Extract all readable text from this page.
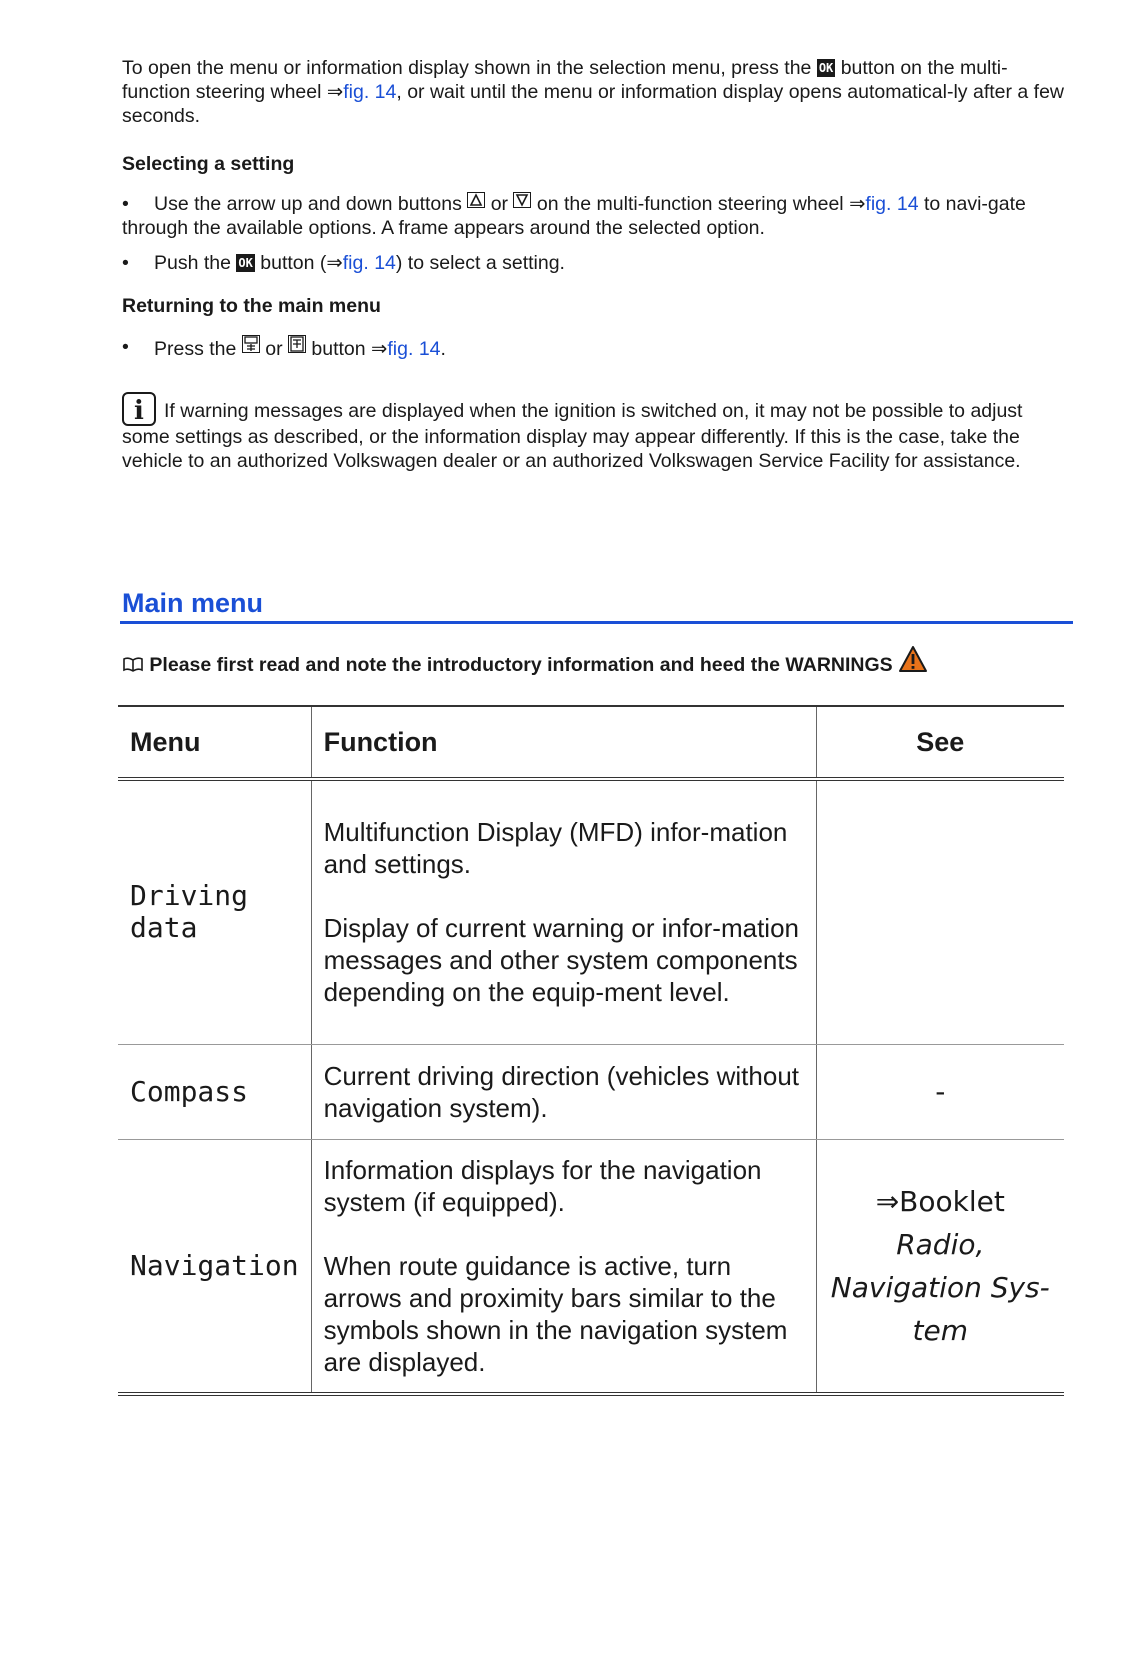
To open the menu or information display shown in the selection menu, press the OK button on the multi-function steering wheel ⇒fig. 14, or wait until the menu or information display opens automatical-ly after a few seconds.

Selecting a setting

•	Use the arrow up and down buttons or on the multi-function steering wheel ⇒fig. 14 to navi-gate through the available options. A frame appears around the selected option.
•	Push the OK button (⇒fig. 14) to select a setting.

Returning to the main menu

•	Press the or button ⇒fig. 14.

i If warning messages are displayed when the ignition is switched on, it may not be possible to adjust some settings as described, or the information display may appear differently. If this is the case, take the vehicle to an authorized Volkswagen dealer or an authorized Volkswagen Service Facility for assistance.

Main menu
Please first read and note the introductory information and heed the WARNINGS
Menu	Function	See
Driving data	Multifunction Display (MFD) infor-mation and settings.
Display of current warning or infor-mation messages and other system components depending on the equip-ment level.	

Compass	Current driving direction (vehicles without navigation system).	-
Navigation	Information displays for the navigation system (if equipped).
When route guidance is active, turn arrows and proximity bars similar to the symbols shown in the navigation system are displayed.	⇒Booklet Radio, Navigation Sys-tem
